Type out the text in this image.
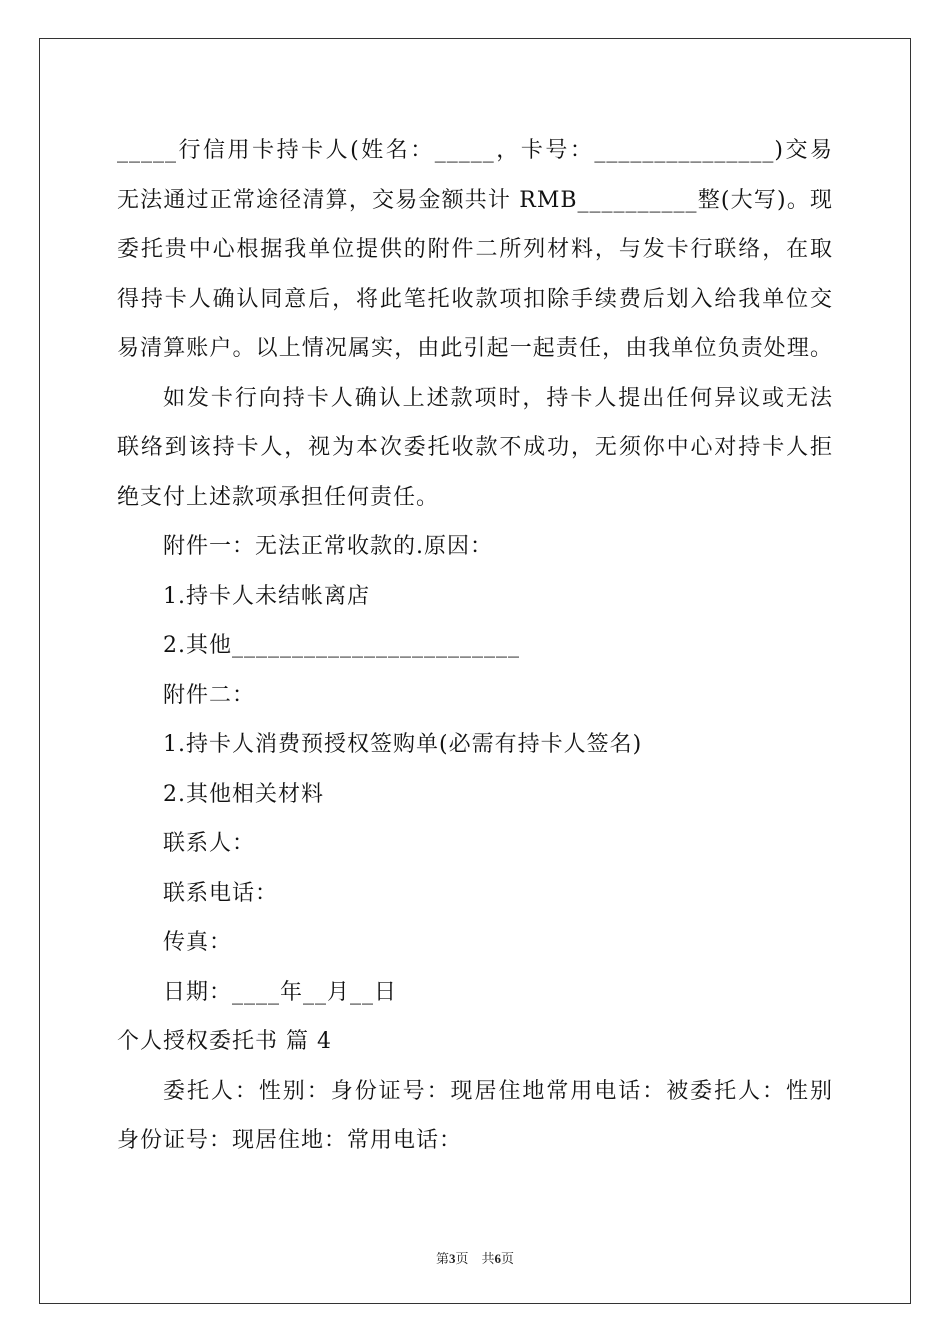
_____行信用卡持卡人(姓名：_____，卡号：_______________)交易
无法通过正常途径清算，交易金额共计 RMB__________整(大写)。现
委托贵中心根据我单位提供的附件二所列材料，与发卡行联络，在取
得持卡人确认同意后，将此笔托收款项扣除手续费后划入给我单位交
易清算账户。以上情况属实，由此引起一起责任，由我单位负责处理。
如发卡行向持卡人确认上述款项时，持卡人提出任何异议或无法
联络到该持卡人，视为本次委托收款不成功，无须你中心对持卡人拒
绝支付上述款项承担任何责任。
附件一：无法正常收款的.原因：
1.持卡人未结帐离店
2.其他________________________
附件二：
1.持卡人消费预授权签购单(必需有持卡人签名)
2.其他相关材料
联系人：
联系电话：
传真：
日期：____年__月__日
个人授权委托书 篇 4
委托人：性别：身份证号：现居住地常用电话：被委托人：性别
身份证号：现居住地：常用电话：
第3页　共6页
